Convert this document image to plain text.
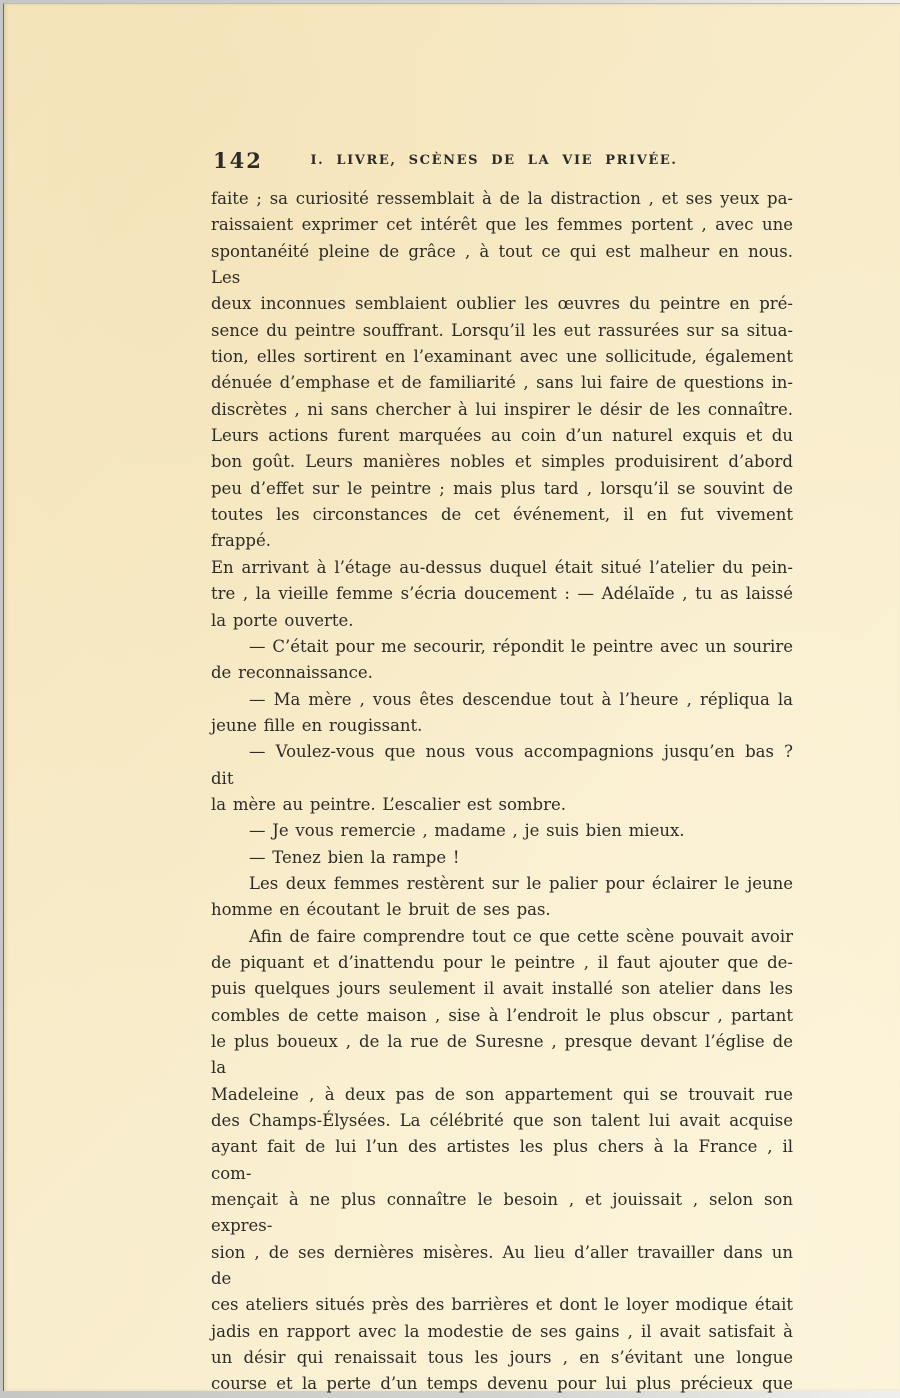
142	I. LIVRE, SCÈNES DE LA VIE PRIVÉE.
faite ; sa curiosité ressemblait à de la distraction , et ses yeux pa-
raissaient exprimer cet intérêt que les femmes portent , avec une
spontanéité pleine de grâce , à tout ce qui est malheur en nous. Les
deux inconnues semblaient oublier les œuvres du peintre en pré-
sence du peintre souffrant. Lorsqu’il les eut rassurées sur sa situa-
tion, elles sortirent en l’examinant avec une sollicitude, également
dénuée d’emphase et de familiarité , sans lui faire de questions in-
discrètes , ni sans chercher à lui inspirer le désir de les connaître.
Leurs actions furent marquées au coin d’un naturel exquis et du
bon goût. Leurs manières nobles et simples produisirent d’abord
peu d’effet sur le peintre ; mais plus tard , lorsqu’il se souvint de
toutes les circonstances de cet événement, il en fut vivement frappé.
En arrivant à l’étage au-dessus duquel était situé l’atelier du pein-
tre , la vieille femme s’écria doucement : — Adélaïde , tu as laissé
la porte ouverte.
— C’était pour me secourir, répondit le peintre avec un sourire
de reconnaissance.
— Ma mère , vous êtes descendue tout à l’heure , répliqua la
jeune fille en rougissant.
— Voulez-vous que nous vous accompagnions jusqu’en bas ? dit
la mère au peintre. L’escalier est sombre.
— Je vous remercie , madame , je suis bien mieux.
— Tenez bien la rampe !
Les deux femmes restèrent sur le palier pour éclairer le jeune
homme en écoutant le bruit de ses pas.
Afin de faire comprendre tout ce que cette scène pouvait avoir
de piquant et d’inattendu pour le peintre , il faut ajouter que de-
puis quelques jours seulement il avait installé son atelier dans les
combles de cette maison , sise à l’endroit le plus obscur , partant
le plus boueux , de la rue de Suresne , presque devant l’église de la
Madeleine , à deux pas de son appartement qui se trouvait rue
des Champs-Élysées. La célébrité que son talent lui avait acquise
ayant fait de lui l’un des artistes les plus chers à la France , il com-
mençait à ne plus connaître le besoin , et jouissait , selon son expres-
sion , de ses dernières misères. Au lieu d’aller travailler dans un de
ces ateliers situés près des barrières et dont le loyer modique était
jadis en rapport avec la modestie de ses gains , il avait satisfait à
un désir qui renaissait tous les jours , en s’évitant une longue
course et la perte d’un temps devenu pour lui plus précieux que
